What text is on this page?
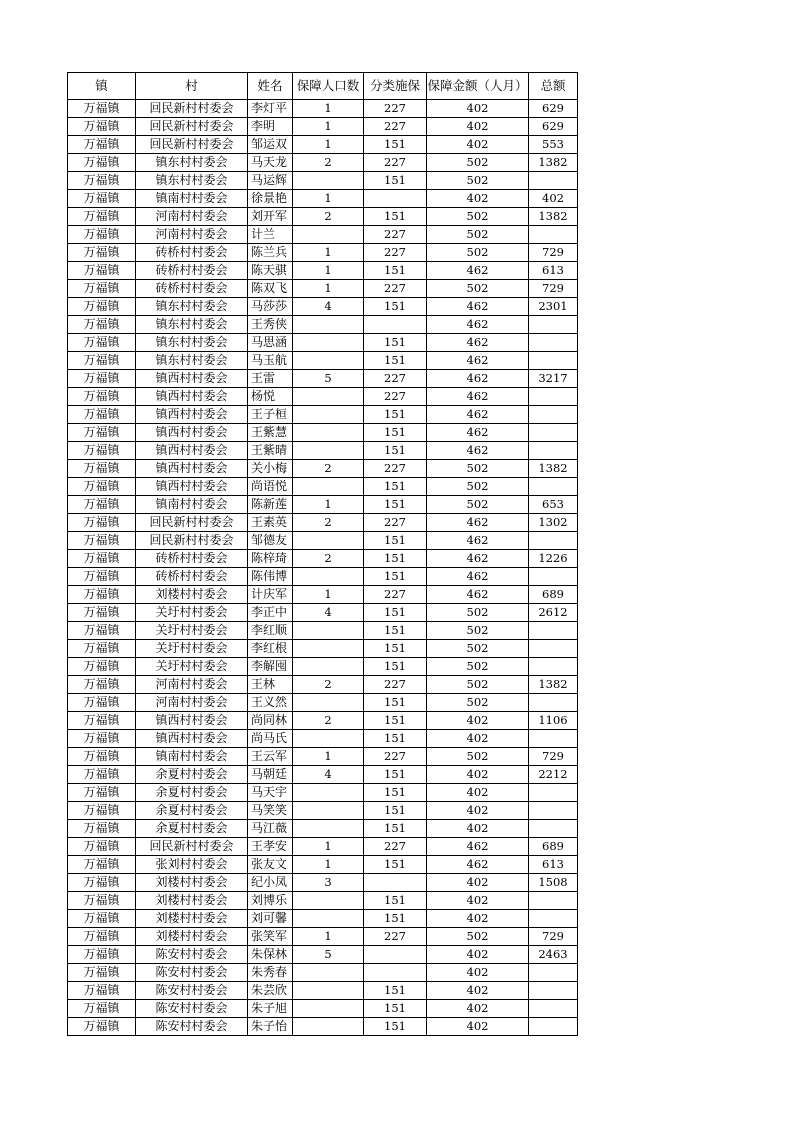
镇	村	姓名	保障人口数	分类施保	保障金额（人月）	总额
万福镇	回民新村村委会	李灯平	1	227	402	629
万福镇	回民新村村委会	李明	1	227	402	629
万福镇	回民新村村委会	邹运双	1	151	402	553
万福镇	镇东村村委会	马天龙	2	227	502	1382
万福镇	镇东村村委会	马运辉		151	502	
万福镇	镇南村村委会	徐景艳	1		402	402
万福镇	河南村村委会	刘开军	2	151	502	1382
万福镇	河南村村委会	计兰		227	502	
万福镇	砖桥村村委会	陈兰兵	1	227	502	729
万福镇	砖桥村村委会	陈天骐	1	151	462	613
万福镇	砖桥村村委会	陈双飞	1	227	502	729
万福镇	镇东村村委会	马莎莎	4	151	462	2301
万福镇	镇东村村委会	王秀侠			462	
万福镇	镇东村村委会	马思涵		151	462	
万福镇	镇东村村委会	马玉航		151	462	
万福镇	镇西村村委会	王雷	5	227	462	3217
万福镇	镇西村村委会	杨悦		227	462	
万福镇	镇西村村委会	王子桓		151	462	
万福镇	镇西村村委会	王紫慧		151	462	
万福镇	镇西村村委会	王紫晴		151	462	
万福镇	镇西村村委会	关小梅	2	227	502	1382
万福镇	镇西村村委会	尚语悦		151	502	
万福镇	镇南村村委会	陈新莲	1	151	502	653
万福镇	回民新村村委会	王素英	2	227	462	1302
万福镇	回民新村村委会	邹德友		151	462	
万福镇	砖桥村村委会	陈梓琦	2	151	462	1226
万福镇	砖桥村村委会	陈伟博		151	462	
万福镇	刘楼村村委会	计庆军	1	227	462	689
万福镇	关圩村村委会	李正中	4	151	502	2612
万福镇	关圩村村委会	李红顺		151	502	
万福镇	关圩村村委会	李红根		151	502	
万福镇	关圩村村委会	李解囤		151	502	
万福镇	河南村村委会	王林	2	227	502	1382
万福镇	河南村村委会	王义然		151	502	
万福镇	镇西村村委会	尚同林	2	151	402	1106
万福镇	镇西村村委会	尚马氏		151	402	
万福镇	镇南村村委会	王云军	1	227	502	729
万福镇	余夏村村委会	马朝廷	4	151	402	2212
万福镇	余夏村村委会	马天宇		151	402	
万福镇	余夏村村委会	马笑笑		151	402	
万福镇	余夏村村委会	马江薇		151	402	
万福镇	回民新村村委会	王孝安	1	227	462	689
万福镇	张刘村村委会	张友文	1	151	462	613
万福镇	刘楼村村委会	纪小凤	3		402	1508
万福镇	刘楼村村委会	刘博乐		151	402	
万福镇	刘楼村村委会	刘可馨		151	402	
万福镇	刘楼村村委会	张笑军	1	227	502	729
万福镇	陈安村村委会	朱保林	5		402	2463
万福镇	陈安村村委会	朱秀春			402	
万福镇	陈安村村委会	朱芸欣		151	402	
万福镇	陈安村村委会	朱子旭		151	402	
万福镇	陈安村村委会	朱子怡		151	402	
